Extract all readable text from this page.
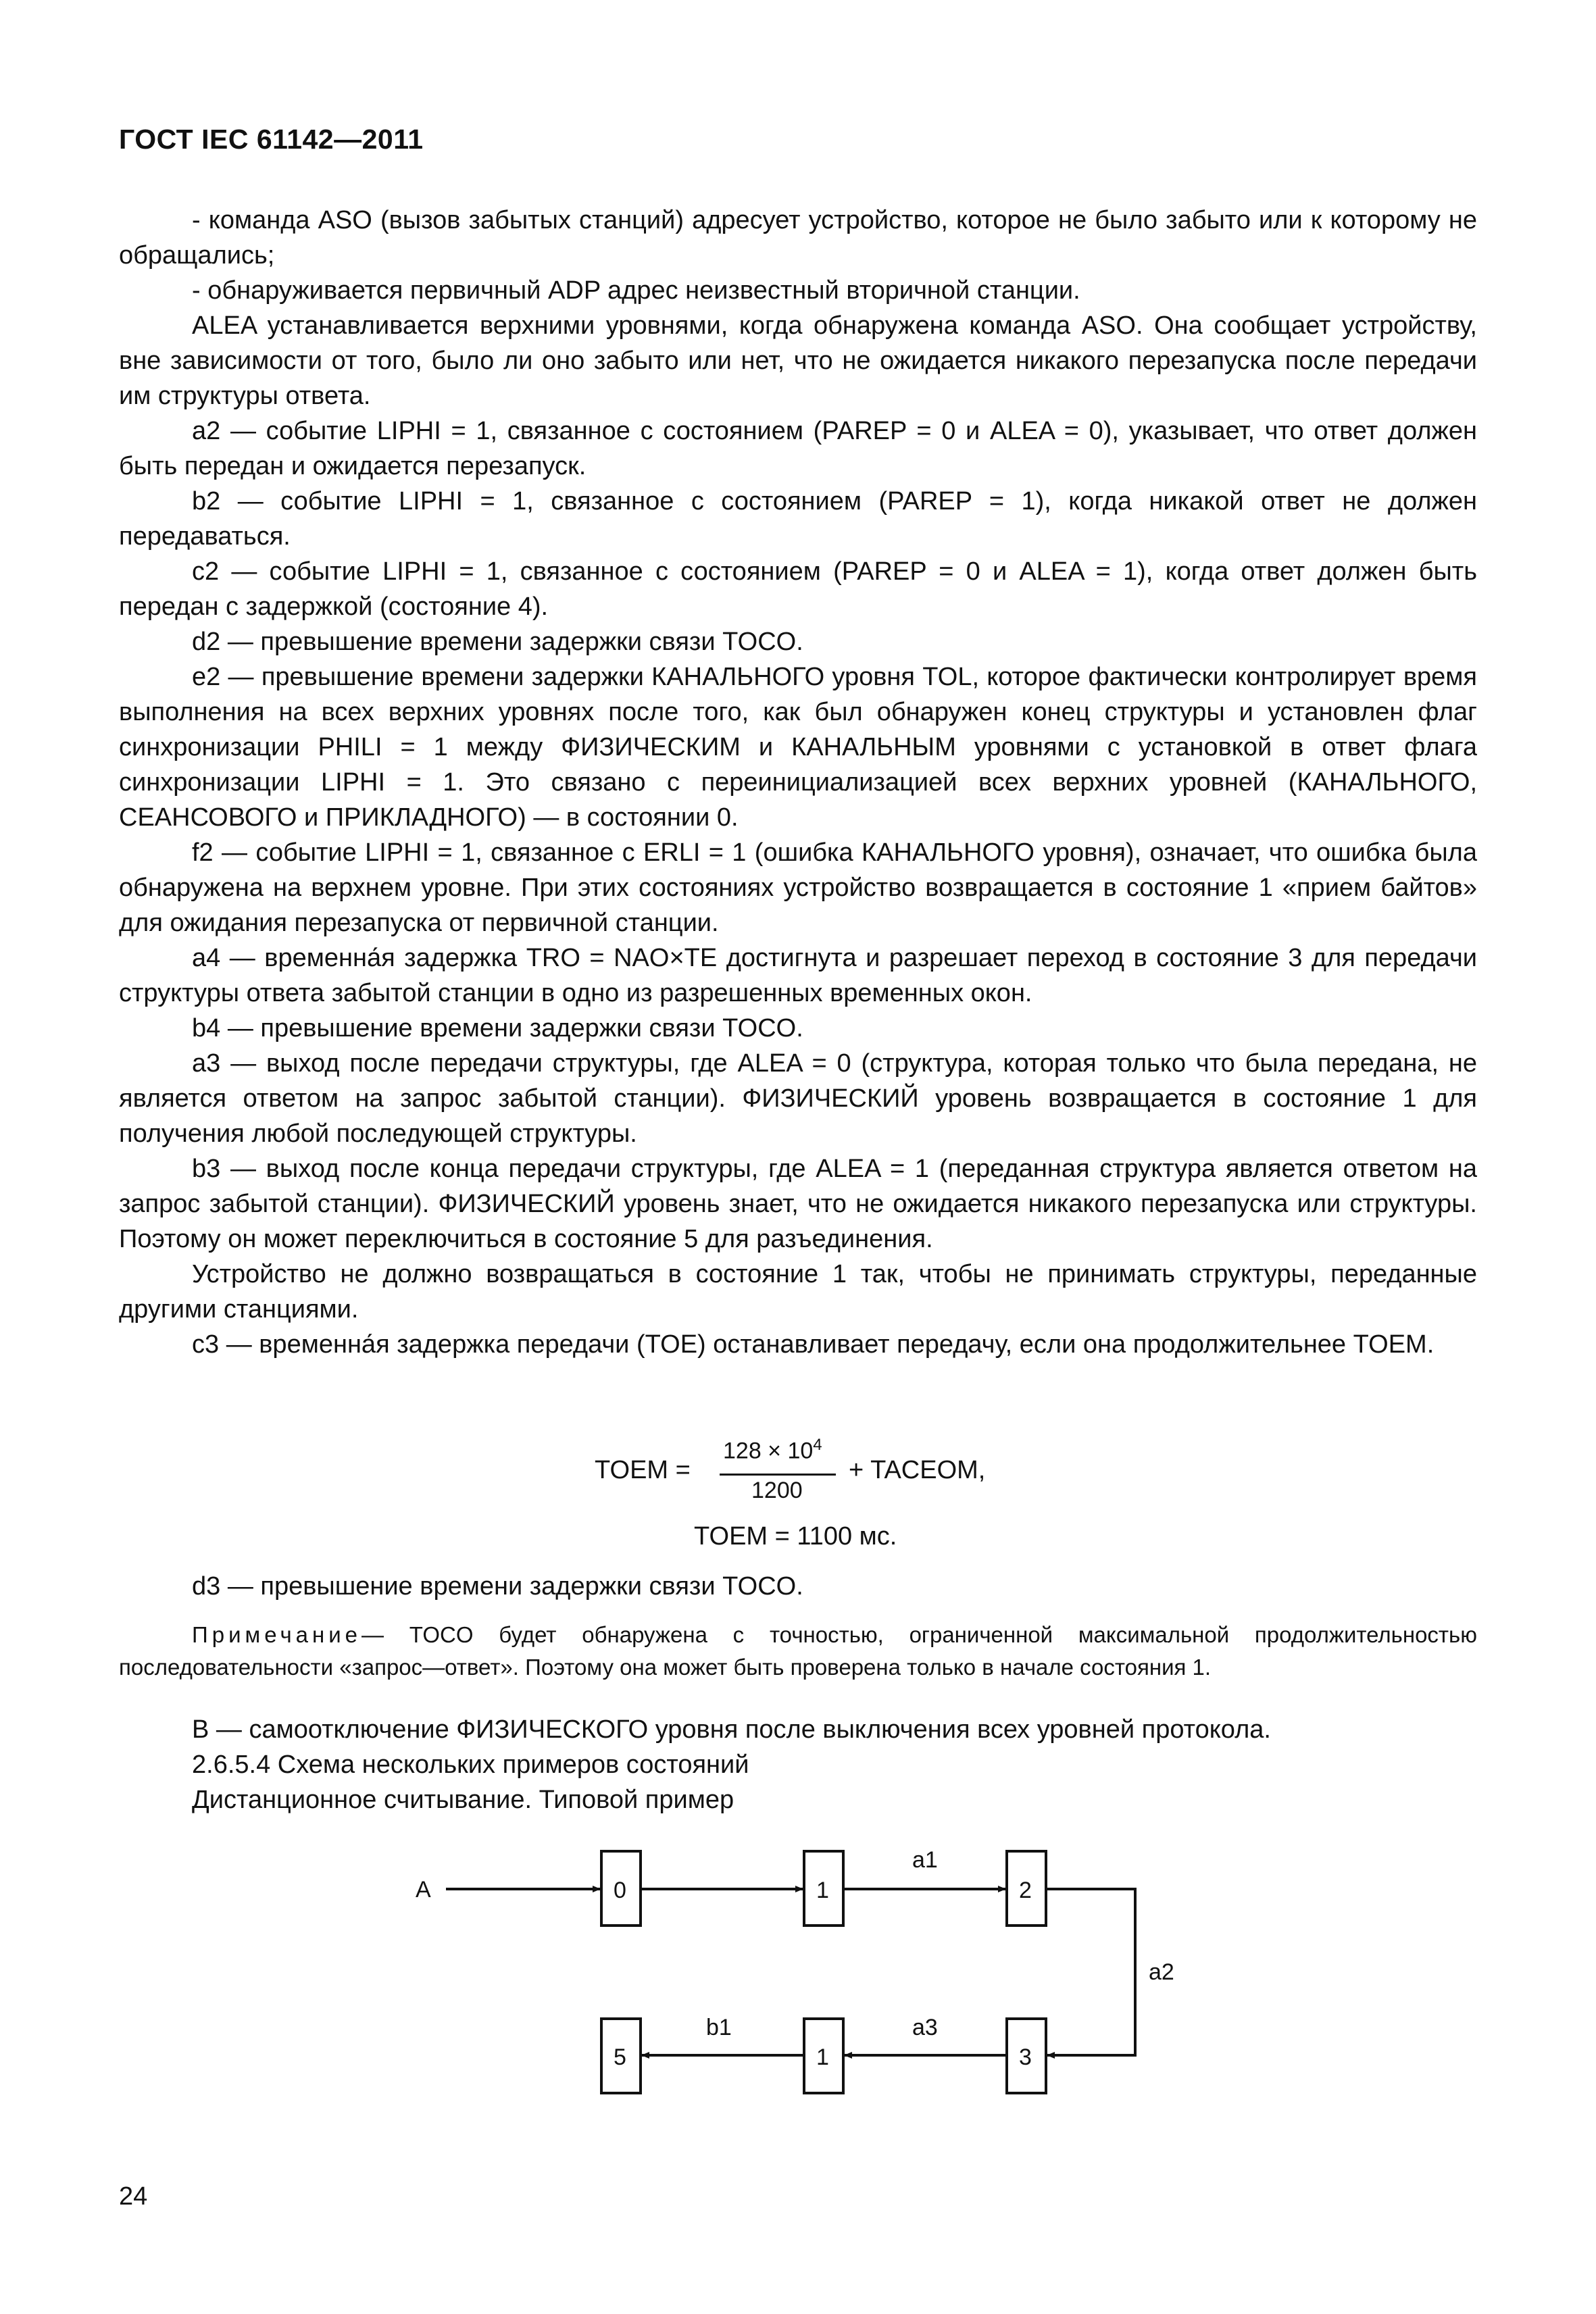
ГОСТ IEC 61142—2011

- команда ASO (вызов забытых станций) адресует устройство, которое не было забыто или к которому не обращались;

- обнаруживается первичный ADP адрес неизвестный вторичной станции.

ALEA устанавливается верхними уровнями, когда обнаружена команда ASO. Она сообщает устройству, вне зависимости от того, было ли оно забыто или нет, что не ожидается никакого перезапуска после передачи им структуры ответа.

a2 — событие LIPHI = 1, связанное с состоянием (PAREP = 0 и ALEA = 0), указывает, что ответ должен быть передан и ожидается перезапуск.

b2 — событие LIPHI = 1, связанное с состоянием (PAREP = 1), когда никакой ответ не должен передаваться.

c2 — событие LIPHI = 1, связанное с состоянием (PAREP = 0 и ALEA = 1), когда ответ должен быть передан с задержкой (состояние 4).

d2 — превышение времени задержки связи TOCO.

e2 — превышение времени задержки КАНАЛЬНОГО уровня TOL, которое фактически контролирует время выполнения на всех верхних уровнях после того, как был обнаружен конец структуры и установлен флаг синхронизации PHILI = 1 между ФИЗИЧЕСКИМ и КАНАЛЬНЫМ уровнями с установкой в ответ флага синхронизации LIPHI = 1. Это связано с переинициализацией всех верхних уровней (КАНАЛЬНОГО, СЕАНСОВОГО и ПРИКЛАДНОГО) — в состоянии 0.

f2 — событие LIPHI = 1, связанное с ERLI = 1 (ошибка КАНАЛЬНОГО уровня), означает, что ошибка была обнаружена на верхнем уровне. При этих состояниях устройство возвращается в состояние 1 «прием байтов» для ожидания перезапуска от первичной станции.

a4 — временна́я задержка TRO = NAO×TE достигнута и разрешает переход в состояние 3 для передачи структуры ответа забытой станции в одно из разрешенных временных окон.

b4 — превышение времени задержки связи TOCO.

a3 — выход после передачи структуры, где ALEA = 0 (структура, которая только что была передана, не является ответом на запрос забытой станции). ФИЗИЧЕСКИЙ уровень возвращается в состояние 1 для получения любой последующей структуры.

b3 — выход после конца передачи структуры, где ALEA = 1 (переданная структура является ответом на запрос забытой станции). ФИЗИЧЕСКИЙ уровень знает, что не ожидается никакого перезапуска или структуры. Поэтому он может переключиться в состояние 5 для разъединения.

Устройство не должно возвращаться в состояние 1 так, чтобы не принимать структуры, переданные другими станциями.

c3 — временна́я задержка передачи (TOE) останавливает передачу, если она продолжительнее TOEM.

TOEM =
$128 \times 10^4$
1200
+ TACEOM,
TOEM = 1100 мс.

d3 — превышение времени задержки связи TOCO.

Примечание— TOCO будет обнаружена с точностью, ограниченной максимальной продолжительностью последовательности «запрос—ответ». Поэтому она может быть проверена только в начале состояния 1.

В — самоотключение ФИЗИЧЕСКОГО уровня после выключения всех уровней протокола.

2.6.5.4 Схема нескольких примеров состояний

Дистанционное считывание. Типовой пример

A	0	1
a1
2
a2
3
a3
1
b1
5
24
